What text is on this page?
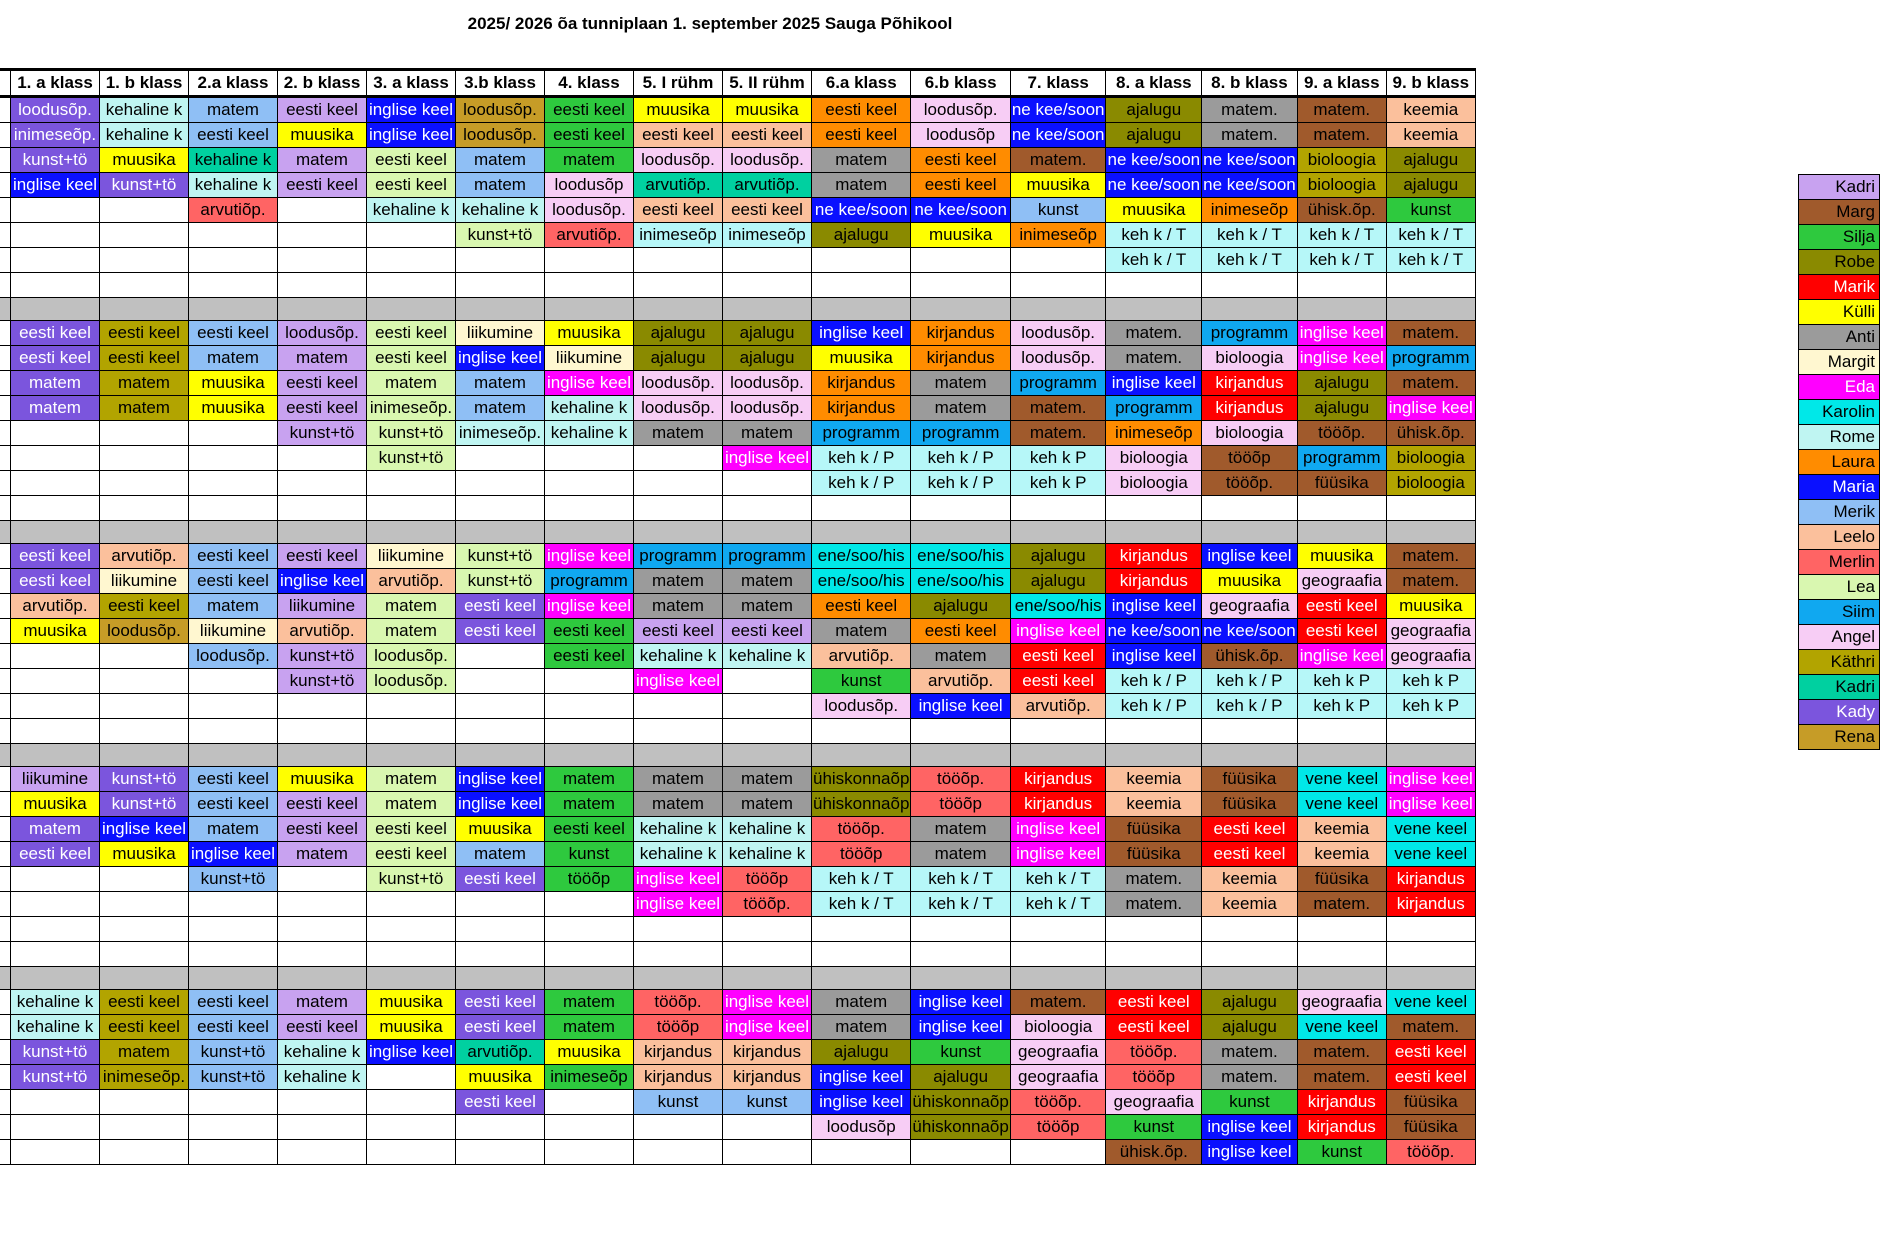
2025/ 2026 õa tunniplaan 1. september 2025 Sauga Põhikool
	1. a klass	1. b klass	2.a klass	2. b klass	3. a klass	3.b klass	4. klass	5. I rühm	5. II rühm	6.a klass	6.b klass	7. klass	8. a klass	8. b klass	9. a klass	9. b klass
	loodusõp.	kehaline k	matem	eesti keel	inglise keel	loodusõp.	eesti keel	muusika	muusika	eesti keel	loodusõp.	ne kee/soon	ajalugu	matem.	matem.	keemia
	inimeseõp.	kehaline k	eesti keel	muusika	inglise keel	loodusõp.	eesti keel	eesti keel	eesti keel	eesti keel	loodusõp	ne kee/soon	ajalugu	matem.	matem.	keemia
	kunst+tö	muusika	kehaline k	matem	eesti keel	matem	matem	loodusõp.	loodusõp.	matem	eesti keel	matem.	ne kee/soon	ne kee/soon	bioloogia	ajalugu
	inglise keel	kunst+tö	kehaline k	eesti keel	eesti keel	matem	loodusõp	arvutiõp.	arvutiõp.	matem	eesti keel	muusika	ne kee/soon	ne kee/soon	bioloogia	ajalugu
			arvutiõp.		kehaline k	kehaline k	loodusõp.	eesti keel	eesti keel	ne kee/soon	ne kee/soon	kunst	muusika	inimeseõp	ühisk.õp.	kunst
						kunst+tö	arvutiõp.	inimeseõp	inimeseõp	ajalugu	muusika	inimeseõp	keh k / T	keh k / T	keh k / T	keh k / T
													keh k / T	keh k / T	keh k / T	keh k / T

	eesti keel	eesti keel	eesti keel	loodusõp.	eesti keel	liikumine	muusika	ajalugu	ajalugu	inglise keel	kirjandus	loodusõp.	matem.	programm	inglise keel	matem.
	eesti keel	eesti keel	matem	matem	eesti keel	inglise keel	liikumine	ajalugu	ajalugu	muusika	kirjandus	loodusõp.	matem.	bioloogia	inglise keel	programm
	matem	matem	muusika	eesti keel	matem	matem	inglise keel	loodusõp.	loodusõp.	kirjandus	matem	programm	inglise keel	kirjandus	ajalugu	matem.
	matem	matem	muusika	eesti keel	inimeseõp.	matem	kehaline k	loodusõp.	loodusõp.	kirjandus	matem	matem.	programm	kirjandus	ajalugu	inglise keel
				kunst+tö	kunst+tö	inimeseõp.	kehaline k	matem	matem	programm	programm	matem.	inimeseõp	bioloogia	tööõp.	ühisk.õp.
					kunst+tö				inglise keel	keh k / P	keh k / P	keh k P	bioloogia	tööõp	programm	bioloogia
										keh k / P	keh k / P	keh k P	bioloogia	tööõp.	füüsika	bioloogia

	eesti keel	arvutiõp.	eesti keel	eesti keel	liikumine	kunst+tö	inglise keel	programm	programm	ene/soo/his	ene/soo/his	ajalugu	kirjandus	inglise keel	muusika	matem.
	eesti keel	liikumine	eesti keel	inglise keel	arvutiõp.	kunst+tö	programm	matem	matem	ene/soo/his	ene/soo/his	ajalugu	kirjandus	muusika	geograafia	matem.
	arvutiõp.	eesti keel	matem	liikumine	matem	eesti keel	inglise keel	matem	matem	eesti keel	ajalugu	ene/soo/his	inglise keel	geograafia	eesti keel	muusika
	muusika	loodusõp.	liikumine	arvutiõp.	matem	eesti keel	eesti keel	eesti keel	eesti keel	matem	eesti keel	inglise keel	ne kee/soon	ne kee/soon	eesti keel	geograafia
			loodusõp.	kunst+tö	loodusõp.		eesti keel	kehaline k	kehaline k	arvutiõp.	matem	eesti keel	inglise keel	ühisk.õp.	inglise keel	geograafia
				kunst+tö	loodusõp.			inglise keel		kunst	arvutiõp.	eesti keel	keh k / P	keh k / P	keh k P	keh k P
										loodusõp.	inglise keel	arvutiõp.	keh k / P	keh k / P	keh k P	keh k P

	liikumine	kunst+tö	eesti keel	muusika	matem	inglise keel	matem	matem	matem	ühiskonnaõp	tööõp.	kirjandus	keemia	füüsika	vene keel	inglise keel
	muusika	kunst+tö	eesti keel	eesti keel	matem	inglise keel	matem	matem	matem	ühiskonnaõp	tööõp	kirjandus	keemia	füüsika	vene keel	inglise keel
	matem	inglise keel	matem	eesti keel	eesti keel	muusika	eesti keel	kehaline k	kehaline k	tööõp.	matem	inglise keel	füüsika	eesti keel	keemia	vene keel
	eesti keel	muusika	inglise keel	matem	eesti keel	matem	kunst	kehaline k	kehaline k	tööõp	matem	inglise keel	füüsika	eesti keel	keemia	vene keel
			kunst+tö		kunst+tö	eesti keel	tööõp	inglise keel	tööõp	keh k / T	keh k / T	keh k / T	matem.	keemia	füüsika	kirjandus
								inglise keel	tööõp.	keh k / T	keh k / T	keh k / T	matem.	keemia	matem.	kirjandus

	kehaline k	eesti keel	eesti keel	matem	muusika	eesti keel	matem	tööõp.	inglise keel	matem	inglise keel	matem.	eesti keel	ajalugu	geograafia	vene keel
	kehaline k	eesti keel	eesti keel	eesti keel	muusika	eesti keel	matem	tööõp	inglise keel	matem	inglise keel	bioloogia	eesti keel	ajalugu	vene keel	matem.
	kunst+tö	matem	kunst+tö	kehaline k	inglise keel	arvutiõp.	muusika	kirjandus	kirjandus	ajalugu	kunst	geograafia	tööõp.	matem.	matem.	eesti keel
	kunst+tö	inimeseõp.	kunst+tö	kehaline k		muusika	inimeseõp	kirjandus	kirjandus	inglise keel	ajalugu	geograafia	tööõp	matem.	matem.	eesti keel
						eesti keel		kunst	kunst	inglise keel	ühiskonnaõp	tööõp.	geograafia	kunst	kirjandus	füüsika
										loodusõp	ühiskonnaõp	tööõp	kunst	inglise keel	kirjandus	füüsika
													ühisk.õp.	inglise keel	kunst	tööõp.
Kadri
Marg
Silja
Robe
Marik
Külli
Anti
Margit
Eda
Karolin
Rome
Laura
Maria
Merik
Leelo
Merlin
Lea
Siim
Angel
Käthri
Kadri
Kady
Rena
